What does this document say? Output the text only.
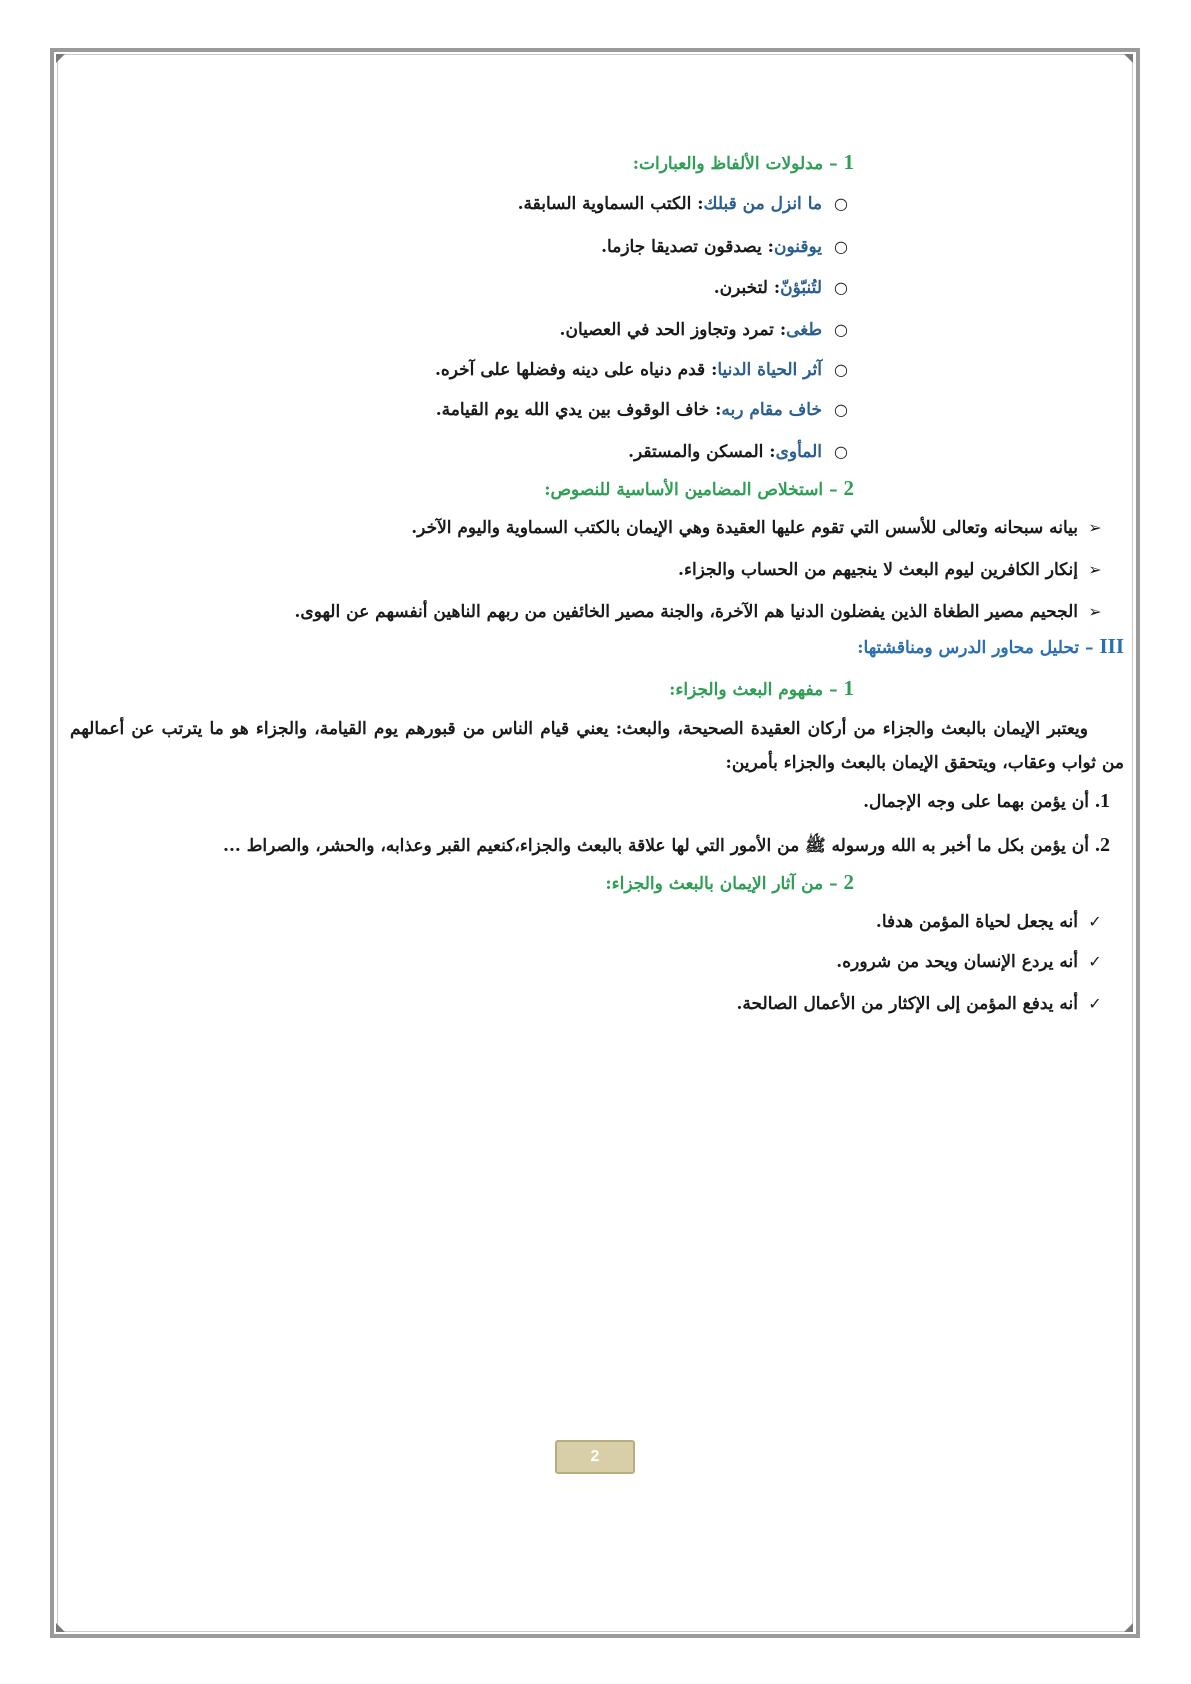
1 – مدلولات الألفاظ والعبارات:
○ما انزل من قبلك: الكتب السماوية السابقة.
○يوقنون: يصدقون تصديقا جازما.
○لتُنبّؤنّ: لتخبرن.
○طغى: تمرد وتجاوز الحد في العصيان.
○آثر الحياة الدنيا: قدم دنياه على دينه وفضلها على آخره.
○خاف مقام ربه: خاف الوقوف بين يدي الله يوم القيامة.
○المأوى: المسكن والمستقر.
2 – استخلاص المضامين الأساسية للنصوص:
➢بيانه سبحانه وتعالى للأسس التي تقوم عليها العقيدة وهي الإيمان بالكتب السماوية واليوم الآخر.
➢إنكار الكافرين ليوم البعث لا ينجيهم من الحساب والجزاء.
➢الجحيم مصير الطغاة الذين يفضلون الدنيا هم الآخرة، والجنة مصير الخائفين من ربهم الناهين أنفسهم عن الهوى.
III – تحليل محاور الدرس ومناقشتها:
1 – مفهوم البعث والجزاء:
ويعتبر الإيمان بالبعث والجزاء من أركان العقيدة الصحيحة، والبعث: يعني قيام الناس من قبورهم يوم القيامة، والجزاء هو ما يترتب عن أعمالهم من ثواب وعقاب، ويتحقق الإيمان بالبعث والجزاء بأمرين:
1.أن يؤمن بهما على وجه الإجمال.
2.أن يؤمن بكل ما أخبر به الله ورسوله ﷺ من الأمور التي لها علاقة بالبعث والجزاء،كنعيم القبر وعذابه، والحشر، والصراط ...
2 – من آثار الإيمان بالبعث والجزاء:
✓أنه يجعل لحياة المؤمن هدفا.
✓أنه يردع الإنسان ويحد من شروره.
✓أنه يدفع المؤمن إلى الإكثار من الأعمال الصالحة.
2
